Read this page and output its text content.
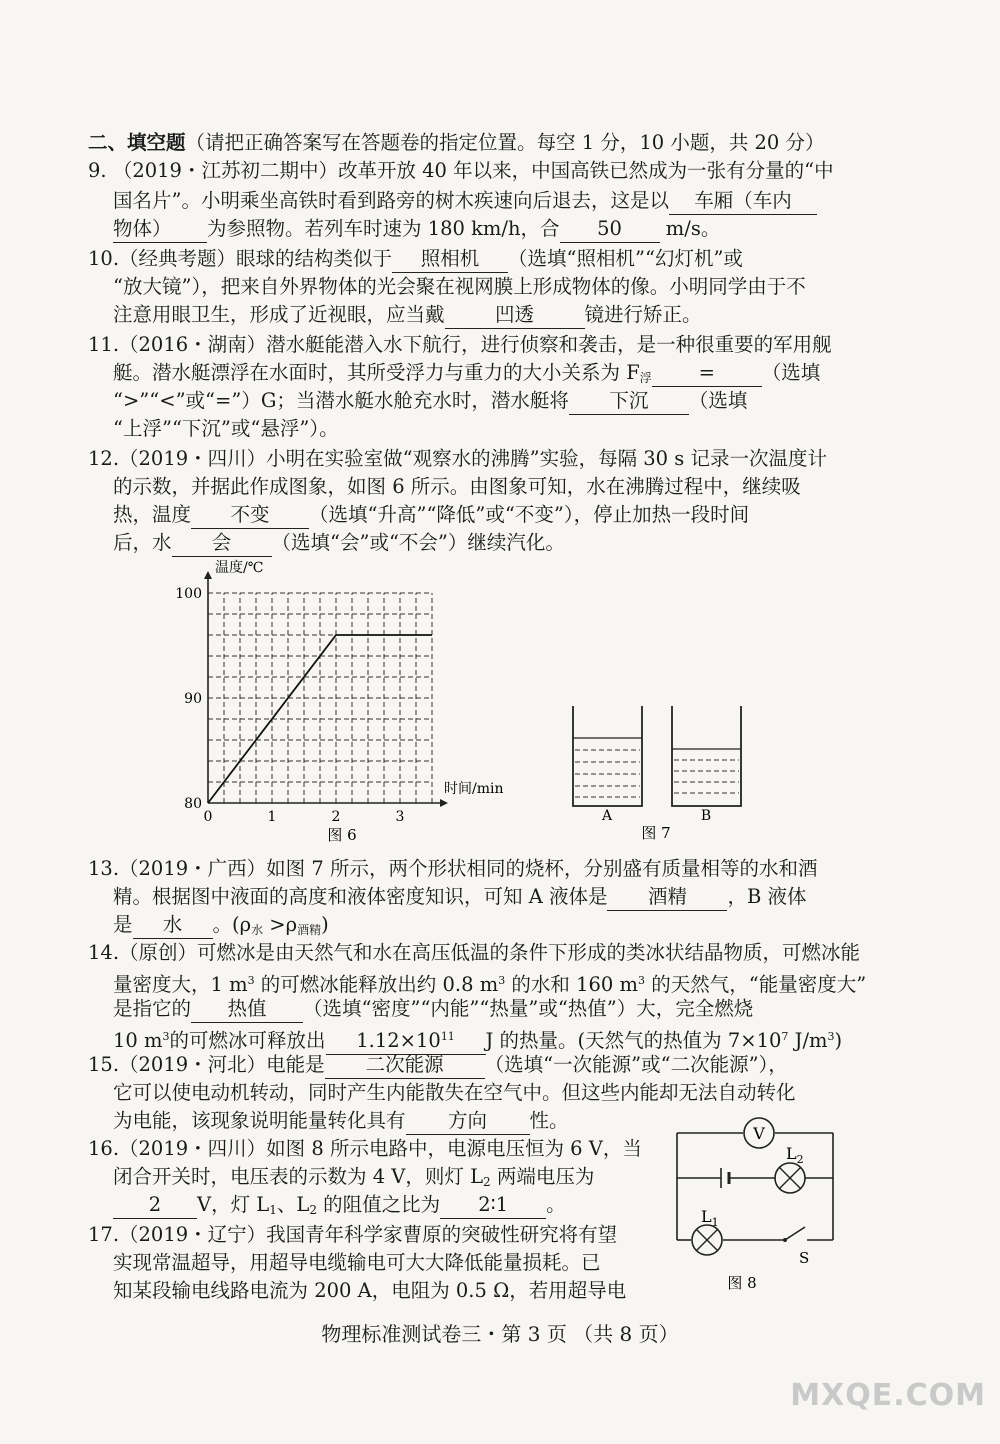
二、填空题（请把正确答案写在答题卷的指定位置。每空 1 分，10 小题，共 20 分）
9. （2019・江苏初二期中）改革开放 40 年以来，中国高铁已然成为一张有分量的“中
国名片”。小明乘坐高铁时看到路旁的树木疾速向后退去，这是以 车厢（车内
物体） 为参照物。若列车时速为 180 km/h，合 50 m/s。
10.（经典考题）眼球的结构类似于 照相机 （选填“照相机”“幻灯机”或
“放大镜”），把来自外界物体的光会聚在视网膜上形成物体的像。小明同学由于不
注意用眼卫生，形成了近视眼，应当戴	凹透	镜进行矫正。
11.（2016・湖南）潜水艇能潜入水下航行，进行侦察和袭击，是一种很重要的军用舰
艇。潜水艇漂浮在水面时，其所受浮力与重力的大小关系为 $F_浮$ = （选填
“>”“<”或“=”）G；当潜水艇水舱充水时，潜水艇将 下沉 （选填
“上浮”“下沉”或“悬浮”）。
12.（2019・四川）小明在实验室做“观察水的沸腾”实验，每隔 30 s 记录一次温度计
的示数，并据此作成图象，如图 6 所示。由图象可知，水在沸腾过程中，继续吸
热，温度 不变 （选填“升高”“降低”或“不变”），停止加热一段时间
后，水 会 （选填“会”或“不会”）继续汽化。
0	1	2	3
80
90
100
温度/℃
时间/min
图 6
A	B
图 7
13.（2019・广西）如图 7 所示，两个形状相同的烧杯，分别盛有质量相等的水和酒
精。根据图中液面的高度和液体密度知识，可知 A 液体是 酒精 ，B 液体
是 水 。$(\rho_水 >\rho_{酒精})$
14.（原创）可燃冰是由天然气和水在高压低温的条件下形成的类冰状结晶物质，可燃冰能
量密度大，1 $m^3$ 的可燃冰能释放出约 0.8 $m^3$ 的水和 160 $m^3$ 的天然气，“能量密度大”
是指它的 热值 （选填“密度”“内能”“热量”或“热值”）大，完全燃烧
10 $m^3$的可燃冰可释放出 $1.12\times 10^{11}$ J 的热量。(天然气的热值为 $7\times 10^7$ $J/m^3$)
15.（2019・河北）电能是 二次能源 （选填“一次能源”或“二次能源”），
它可以使电动机转动，同时产生内能散失在空气中。但这些内能却无法自动转化
为电能，该现象说明能量转化具有 方向 性。
16.（2019・四川）如图 8 所示电路中，电源电压恒为 6 V，当
闭合开关时，电压表的示数为 4 V，则灯 $L_2$ 两端电压为
2 V，灯 $L_1$、$L_2$ 的阻值之比为 2∶1 。
17.（2019・辽宁）我国青年科学家曹原的突破性研究将有望
实现常温超导，用超导电缆输电可大大降低能量损耗。已
知某段输电线路电流为 200 A，电阻为 0.5 Ω，若用超导电
V
$L_2$
$L_1$
S
图 8
物理标准测试卷三・第 3 页 （共 8 页）
MXQE.COM
